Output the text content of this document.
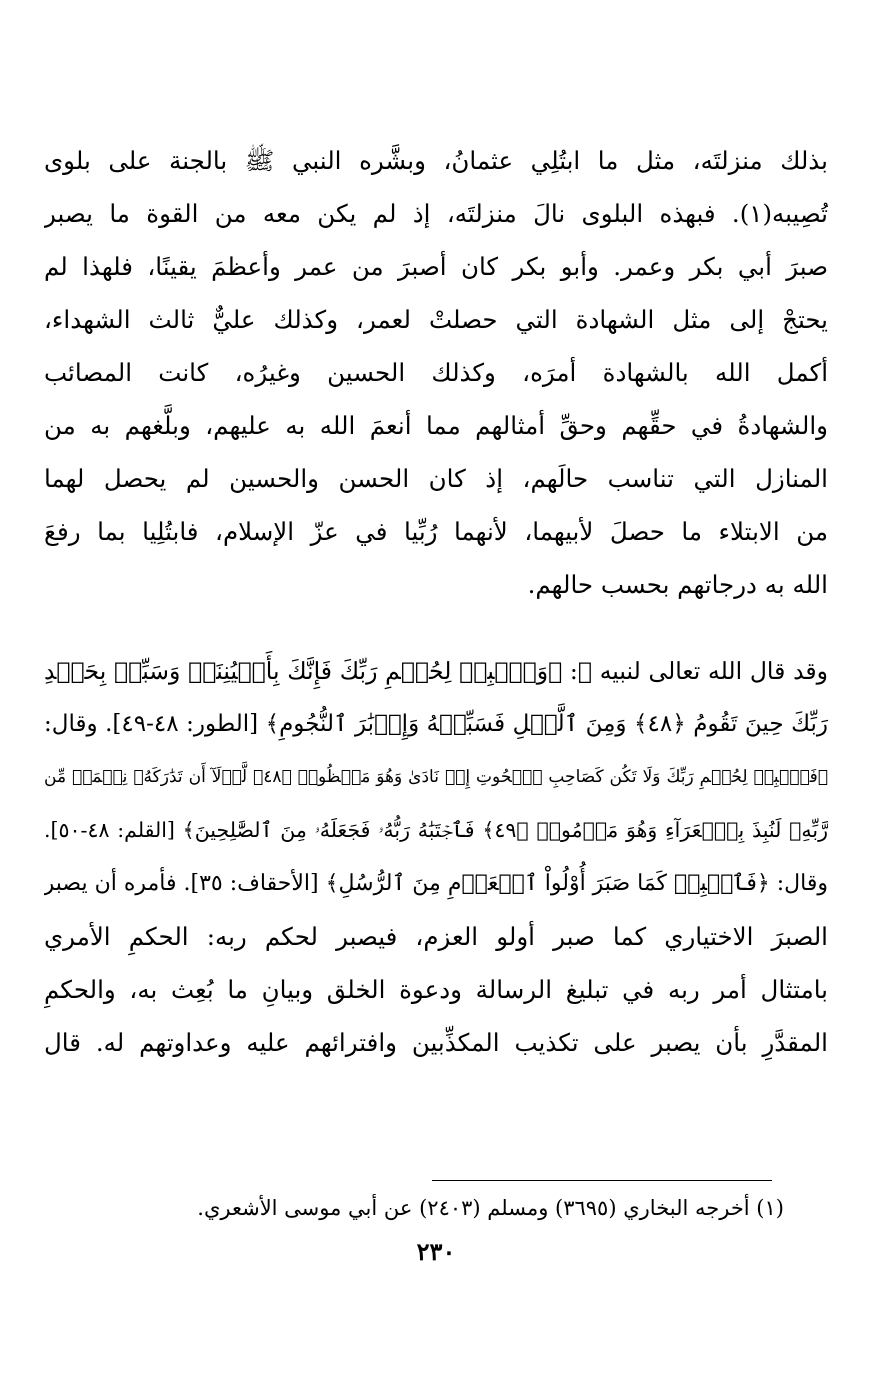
بذلك منزلتَه، مثل ما ابتُلِي عثمانُ، وبشَّره النبي ﷺ بالجنة على بلوى
تُصِيبه(١). فبهذه البلوى نالَ منزلتَه، إذ لم يكن معه من القوة ما يصبر
صبرَ أبي بكر وعمر. وأبو بكر كان أصبرَ من عمر وأعظمَ يقينًا، فلهذا لم
يحتجْ إلى مثل الشهادة التي حصلتْ لعمر، وكذلك عليٌّ ثالث الشهداء،
أكمل الله بالشهادة أمرَه، وكذلك الحسين وغيرُه، كانت المصائب
والشهادةُ في حقِّهم وحقِّ أمثالهم مما أنعمَ الله به عليهم، وبلَّغهم به من
المنازل التي تناسب حالَهم، إذ كان الحسن والحسين لم يحصل لهما
من الابتلاء ما حصلَ لأبيهما، لأنهما رُبِّيا في عزّ الإسلام، فابتُلِيا بما رفعَ
الله به درجاتهم بحسب حالهم.
وقد قال الله تعالى لنبيه ﷺ: ﴿وَٱصۡبِرۡ لِحُكۡمِ رَبِّكَ فَإِنَّكَ بِأَعۡيُنِنَاۖ وَسَبِّحۡ بِحَمۡدِ
رَبِّكَ حِينَ تَقُومُ ﴿٤٨﴾ وَمِنَ ٱلَّيۡلِ فَسَبِّحۡهُ وَإِدۡبَٰرَ ٱلنُّجُومِ﴾ [الطور: ٤٨-٤٩]. وقال:
﴿فَٱصۡبِرۡ لِحُكۡمِ رَبِّكَ وَلَا تَكُن كَصَاحِبِ ٱلۡحُوتِ إِذۡ نَادَىٰ وَهُوَ مَكۡظُومٞ ﴿٤٨﴾ لَّوۡلَآ أَن تَدَٰرَكَهُۥ نِعۡمَةٞ مِّن
رَّبِّهِۦ لَنُبِذَ بِٱلۡعَرَآءِ وَهُوَ مَذۡمُومٞ ﴿٤٩﴾ فَٱجۡتَبَٰهُ رَبُّهُۥ فَجَعَلَهُۥ مِنَ ٱلصَّٰلِحِينَ﴾ [القلم: ٤٨-٥٠].
وقال: ﴿فَٱصۡبِرۡ كَمَا صَبَرَ أُوْلُواْ ٱلۡعَزۡمِ مِنَ ٱلرُّسُلِ﴾ [الأحقاف: ٣٥]. فأمره أن يصبر
الصبرَ الاختياري كما صبر أولو العزم، فيصبر لحكم ربه: الحكمِ الأمري
بامتثال أمر ربه في تبليغ الرسالة ودعوة الخلق وبيانِ ما بُعِث به، والحكمِ
المقدَّرِ بأن يصبر على تكذيب المكذِّبين وافترائهم عليه وعداوتهم له. قال
(١) أخرجه البخاري (٣٦٩٥) ومسلم (٢٤٠٣) عن أبي موسى الأشعري.
٢٣٠
